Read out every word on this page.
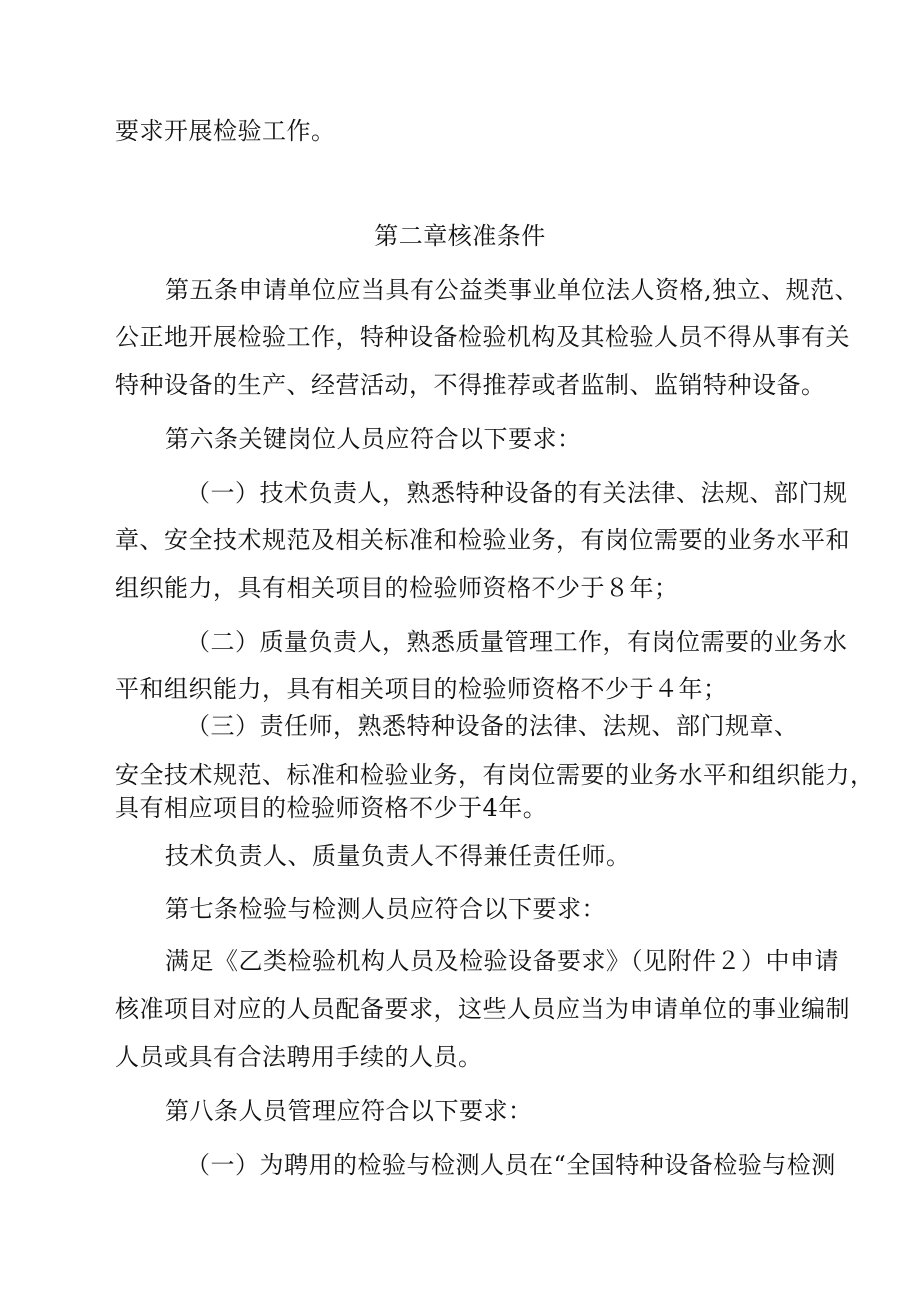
要求开展检验工作。
第二章核准条件
第五条申请单位应当具有公益类事业单位法人资格,独立、规范、
公正地开展检验工作，特种设备检验机构及其检验人员不得从事有关
特种设备的生产、经营活动，不得推荐或者监制、监销特种设备。
第六条关键岗位人员应符合以下要求：
（一）技术负责人，熟悉特种设备的有关法律、法规、部门规
章、安全技术规范及相关标准和检验业务，有岗位需要的业务水平和
组织能力，具有相关项目的检验师资格不少于８年；
（二）质量负责人，熟悉质量管理工作，有岗位需要的业务水
平和组织能力，具有相关项目的检验师资格不少于４年；
（三）责任师，熟悉特种设备的法律、法规、部门规章、
安全技术规范、标准和检验业务，有岗位需要的业务水平和组织能力，
具有相应项目的检验师资格不少于4年。
技术负责人、质量负责人不得兼任责任师。
第七条检验与检测人员应符合以下要求：
满足《乙类检验机构人员及检验设备要求》（见附件２）中申请
核准项目对应的人员配备要求，这些人员应当为申请单位的事业编制
人员或具有合法聘用手续的人员。
第八条人员管理应符合以下要求：
（一）为聘用的检验与检测人员在“全国特种设备检验与检测
